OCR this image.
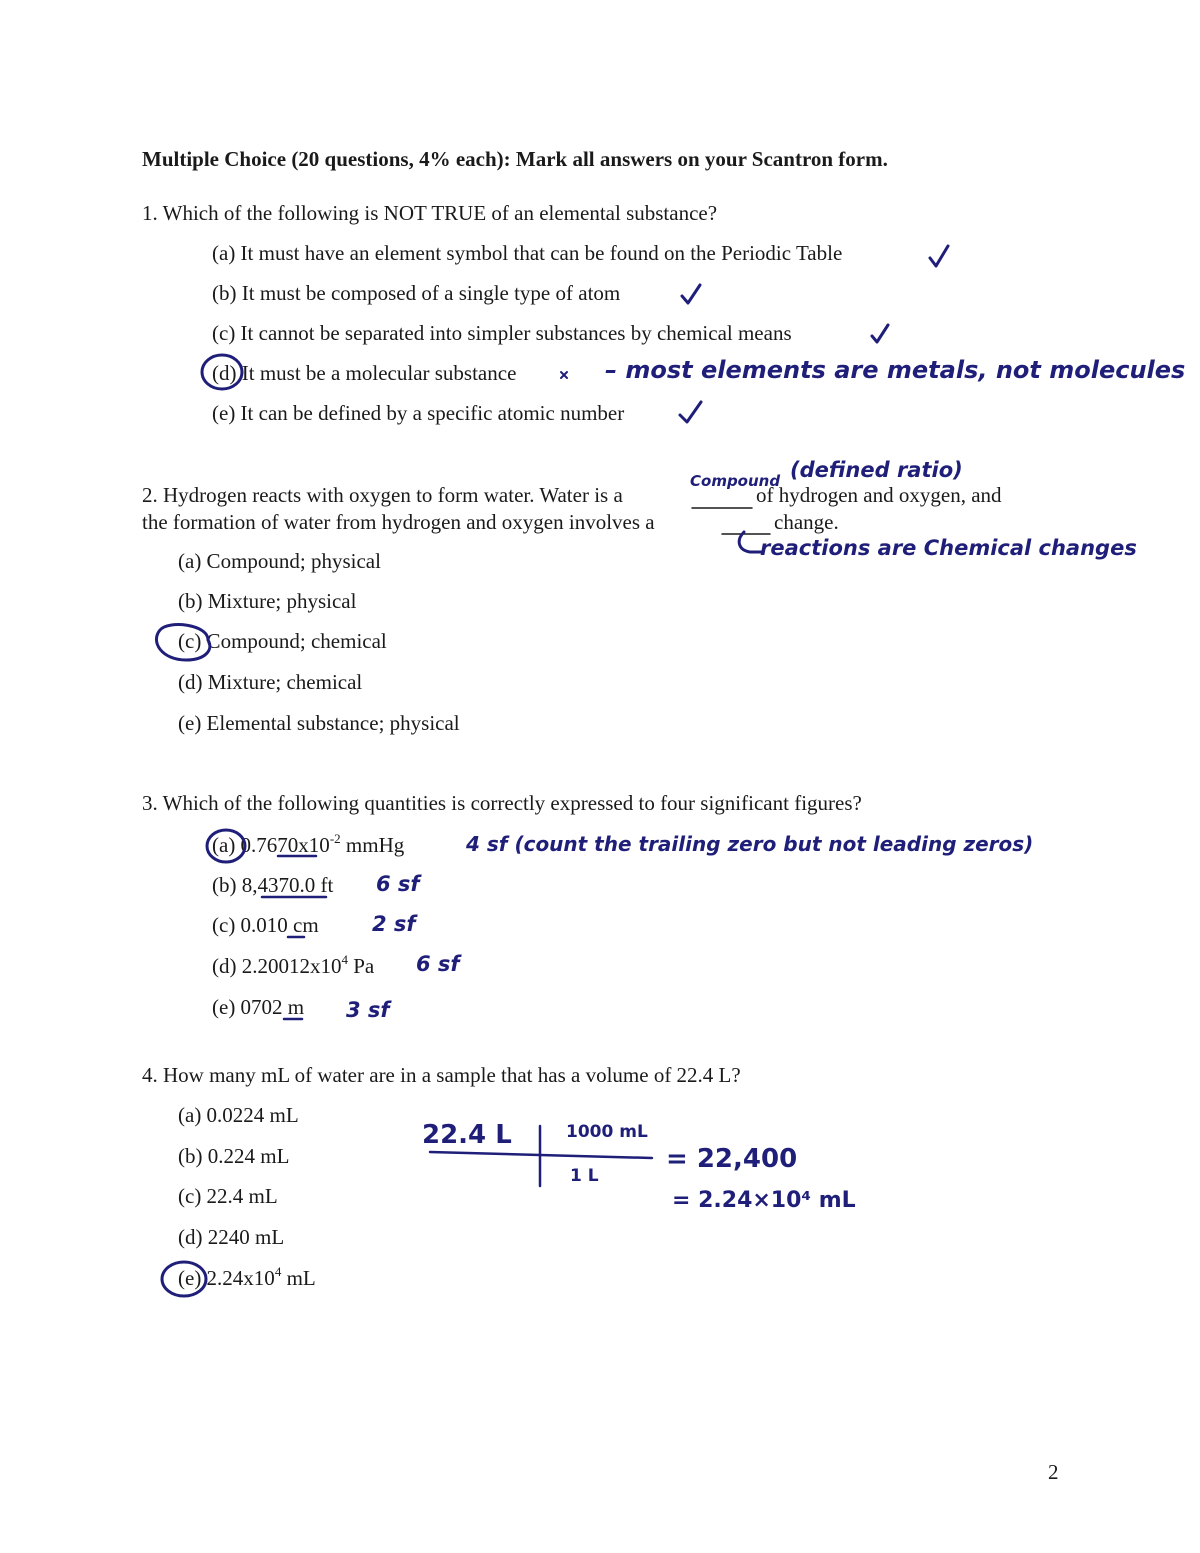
Multiple Choice (20 questions, 4% each): Mark all answers on your Scantron form.
1. Which of the following is NOT TRUE of an elemental substance?
(a) It must have an element symbol that can be found on the Periodic Table
(b) It must be composed of a single type of atom
(c) It cannot be separated into simpler substances by chemical means
(d) It must be a molecular substance
(e) It can be defined by a specific atomic number
– most elements are metals, not molecules
2. Hydrogen reacts with oxygen to form water. Water is a	of hydrogen and oxygen, and
the formation of water from hydrogen and oxygen involves a	change.
(a) Compound; physical
(b) Mixture; physical
(c) Compound; chemical
(d) Mixture; chemical
(e) Elemental substance; physical
Compound (defined ratio)
reactions are Chemical changes
3. Which of the following quantities is correctly expressed to four significant figures?
(a) $0.7670x10^{-2}$ mmHg
(b) 8,4370.0 ft
(c) 0.010 cm
(d) $2.20012x10^4$ Pa
(e) 0702 m
4 sf (count the trailing zero but not leading zeros)
6 sf
2 sf
6 sf
3 sf
4. How many mL of water are in a sample that has a volume of 22.4 L?
(a) 0.0224 mL
(b) 0.224 mL
(c) 22.4 mL
(d) 2240 mL
(e) $2.24x10^4$ mL
22.4 L	1000 mL
1 L
= 22,400
= 2.24×10⁴ mL
2
